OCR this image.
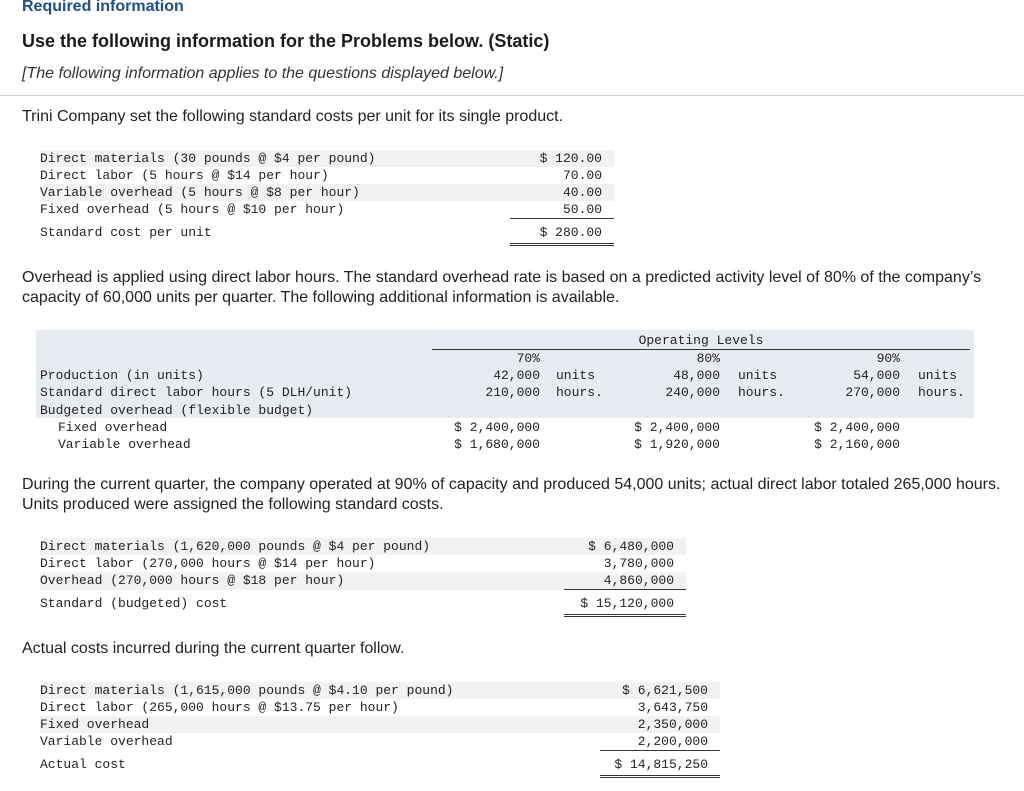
Required information
Use the following information for the Problems below. (Static)
[The following information applies to the questions displayed below.]
Trini Company set the following standard costs per unit for its single product.
Direct materials (30 pounds @ $4 per pound)	$ 120.00	
Direct labor (5 hours @ $14 per hour)	70.00	
Variable overhead (5 hours @ $8 per hour)	40.00	
Fixed overhead (5 hours @ $10 per hour)	50.00	
Standard cost per unit	$ 280.00	
Overhead is applied using direct labor hours. The standard overhead rate is based on a predicted activity level of 80% of the company’s capacity of 60,000 units per quarter. The following additional information is available.
Operating Levels
70%	80%	90%
Production (in units)	42,000 units	48,000 units	54,000 units
Standard direct labor hours (5 DLH/unit)	210,000 hours.	240,000 hours.	270,000 hours.
Budgeted overhead (flexible budget)
Fixed overhead	$ 2,400,000	$ 2,400,000	$ 2,400,000
Variable overhead	$ 1,680,000	$ 1,920,000	$ 2,160,000
During the current quarter, the company operated at 90% of capacity and produced 54,000 units; actual direct labor totaled 265,000 hours. Units produced were assigned the following standard costs.
Direct materials (1,620,000 pounds @ $4 per pound)	$ 6,480,000	
Direct labor (270,000 hours @ $14 per hour)	3,780,000	
Overhead (270,000 hours @ $18 per hour)	4,860,000	
Standard (budgeted) cost	$ 15,120,000	
Actual costs incurred during the current quarter follow.
Direct materials (1,615,000 pounds @ $4.10 per pound)	$ 6,621,500	
Direct labor (265,000 hours @ $13.75 per hour)	3,643,750	
Fixed overhead	2,350,000	
Variable overhead	2,200,000	
Actual cost	$ 14,815,250	
